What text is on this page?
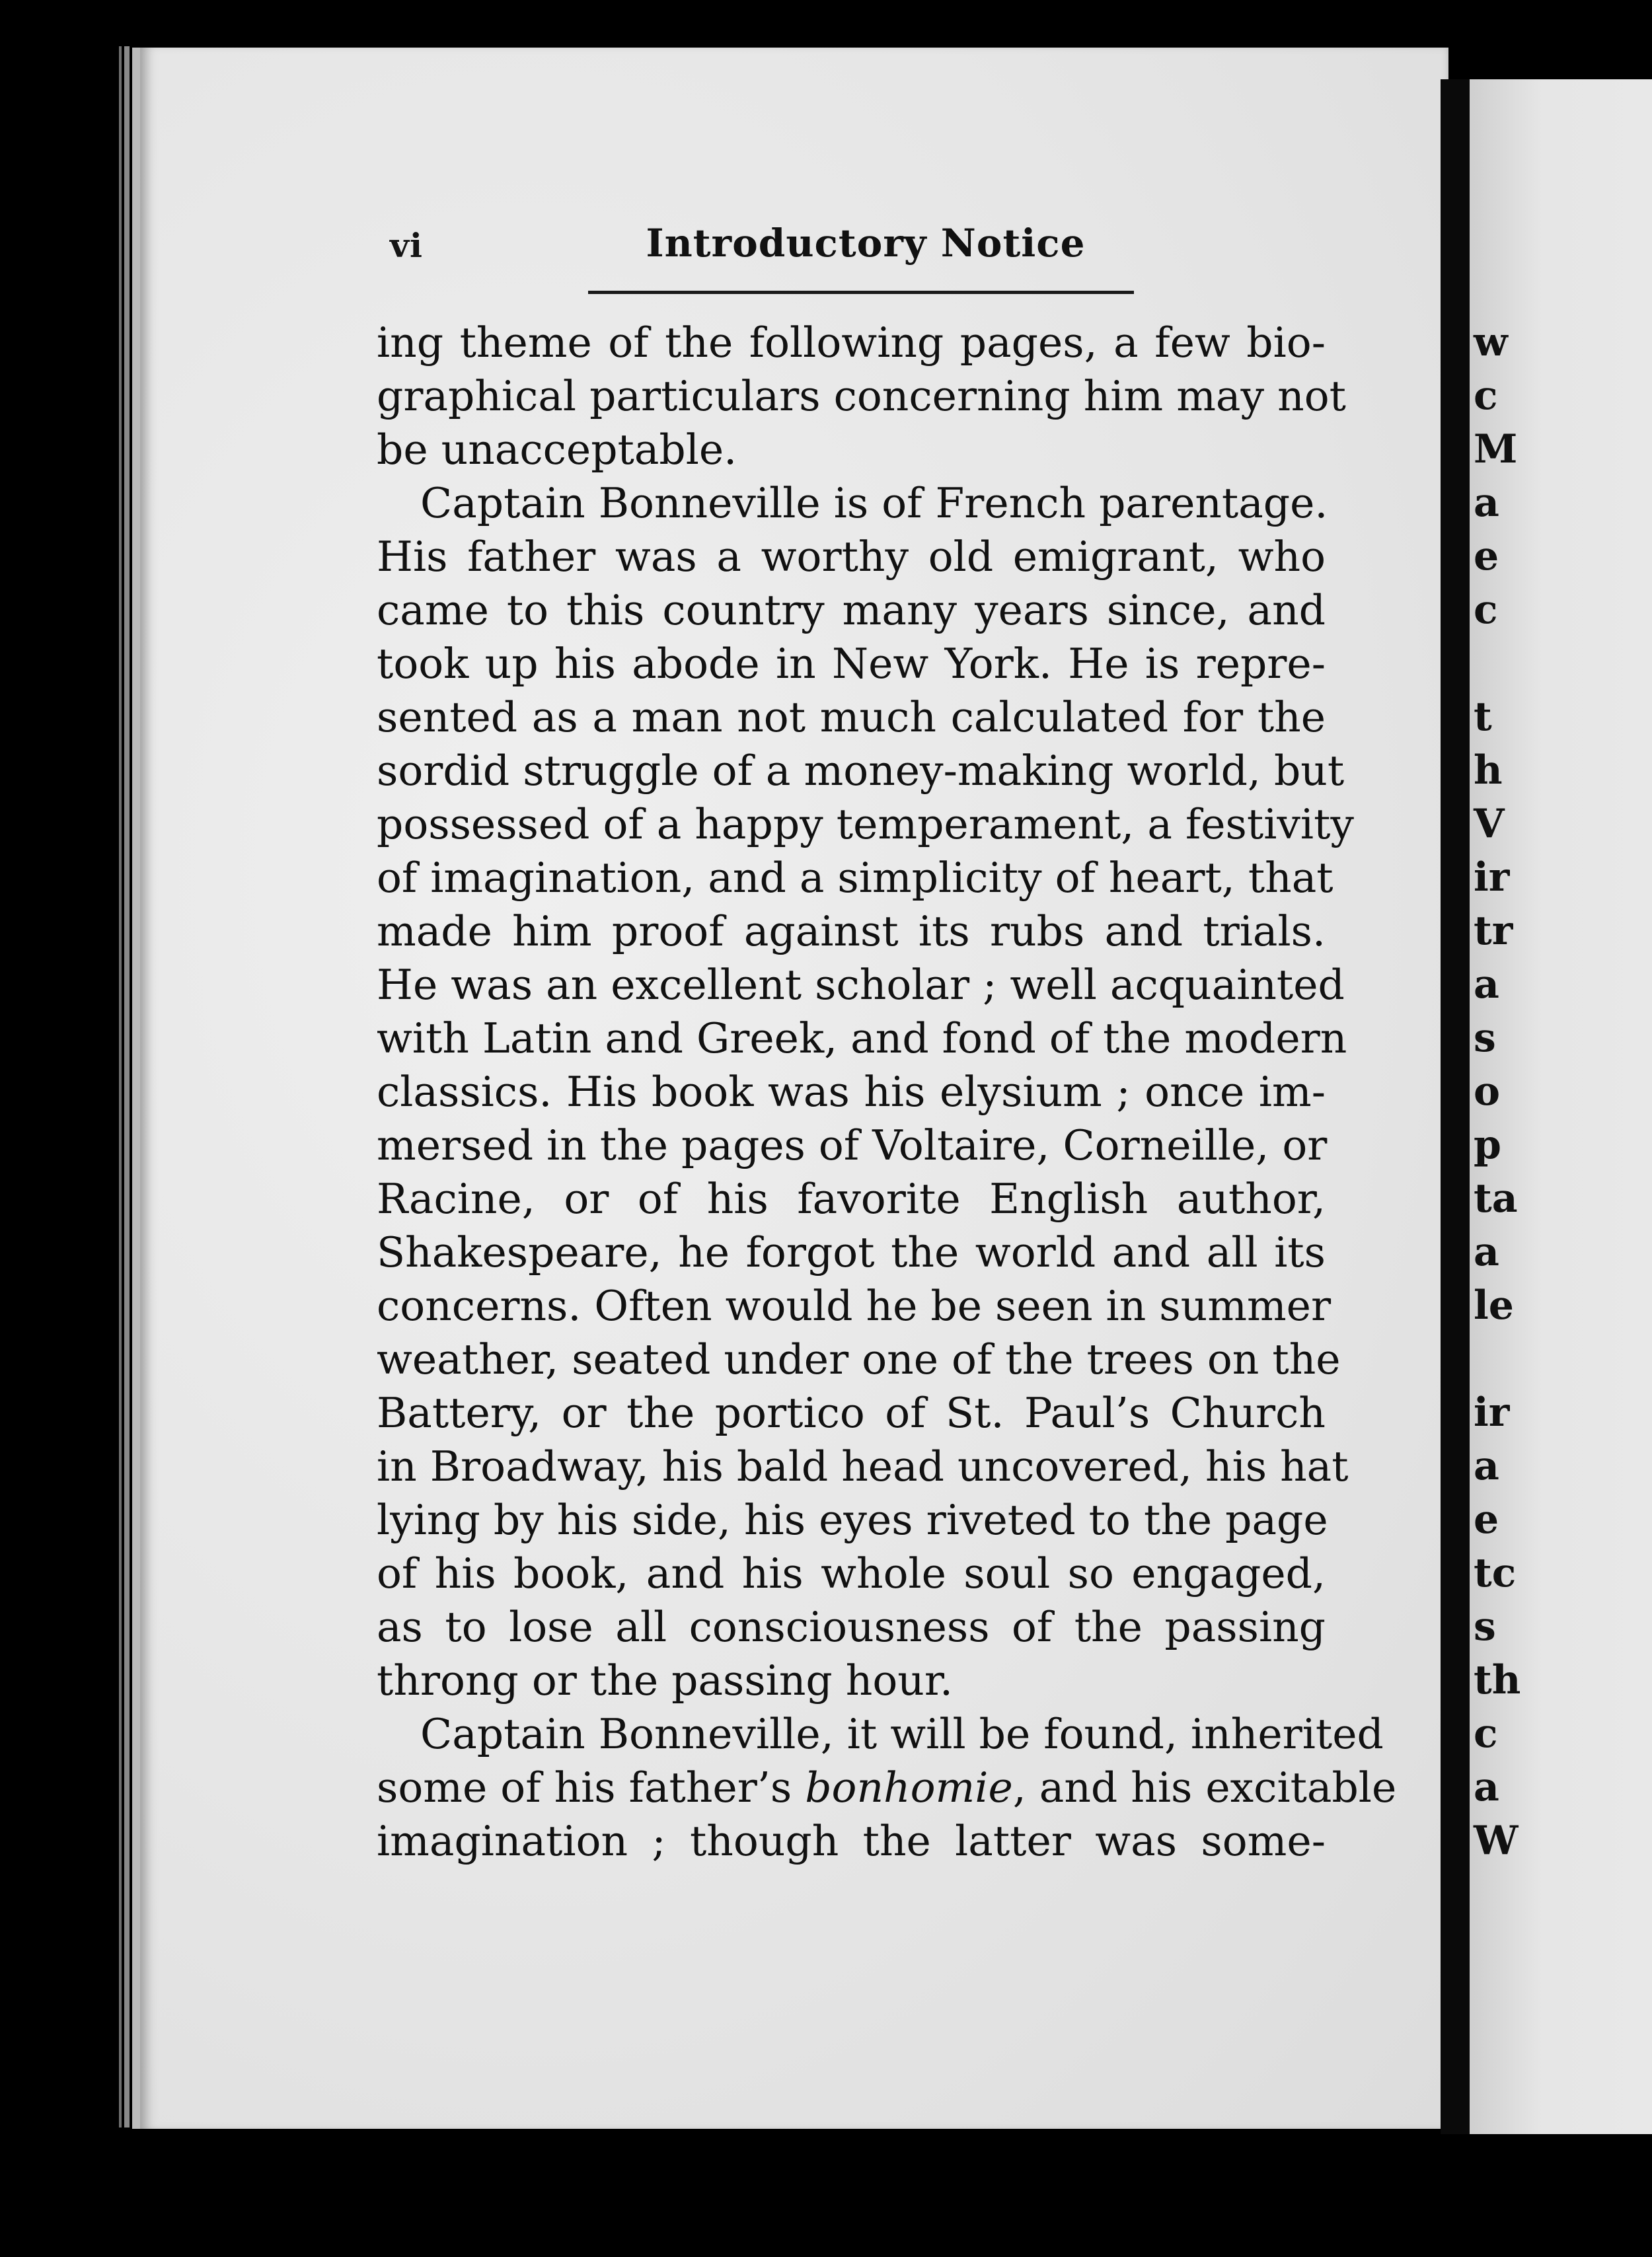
w
c
M
a
e
c
t
h
V
ir
tr
a
s
o
p
ta
a
le
ir
a
e
tc
s
th
c
a
W
vi	Introductory Notice

ing theme of the following pages, a few bio-
graphical particulars concerning him may not
be unacceptable.

Captain Bonneville is of French parentage.
His father was a worthy old emigrant, who
came to this country many years since, and
took up his abode in New York. He is repre-
sented as a man not much calculated for the
sordid struggle of a money-making world, but
possessed of a happy temperament, a festivity
of imagination, and a simplicity of heart, that
made him proof against its rubs and trials.
He was an excellent scholar ; well acquainted
with Latin and Greek, and fond of the modern
classics. His book was his elysium ; once im-
mersed in the pages of Voltaire, Corneille, or
Racine, or of his favorite English author,
Shakespeare, he forgot the world and all its
concerns. Often would he be seen in summer
weather, seated under one of the trees on the
Battery, or the portico of St. Paul’s Church
in Broadway, his bald head uncovered, his hat
lying by his side, his eyes riveted to the page
of his book, and his whole soul so engaged,
as to lose all consciousness of the passing
throng or the passing hour.

Captain Bonneville, it will be found, inherited
some of his father’s bonhomie, and his excitable
imagination ; though the latter was some-
